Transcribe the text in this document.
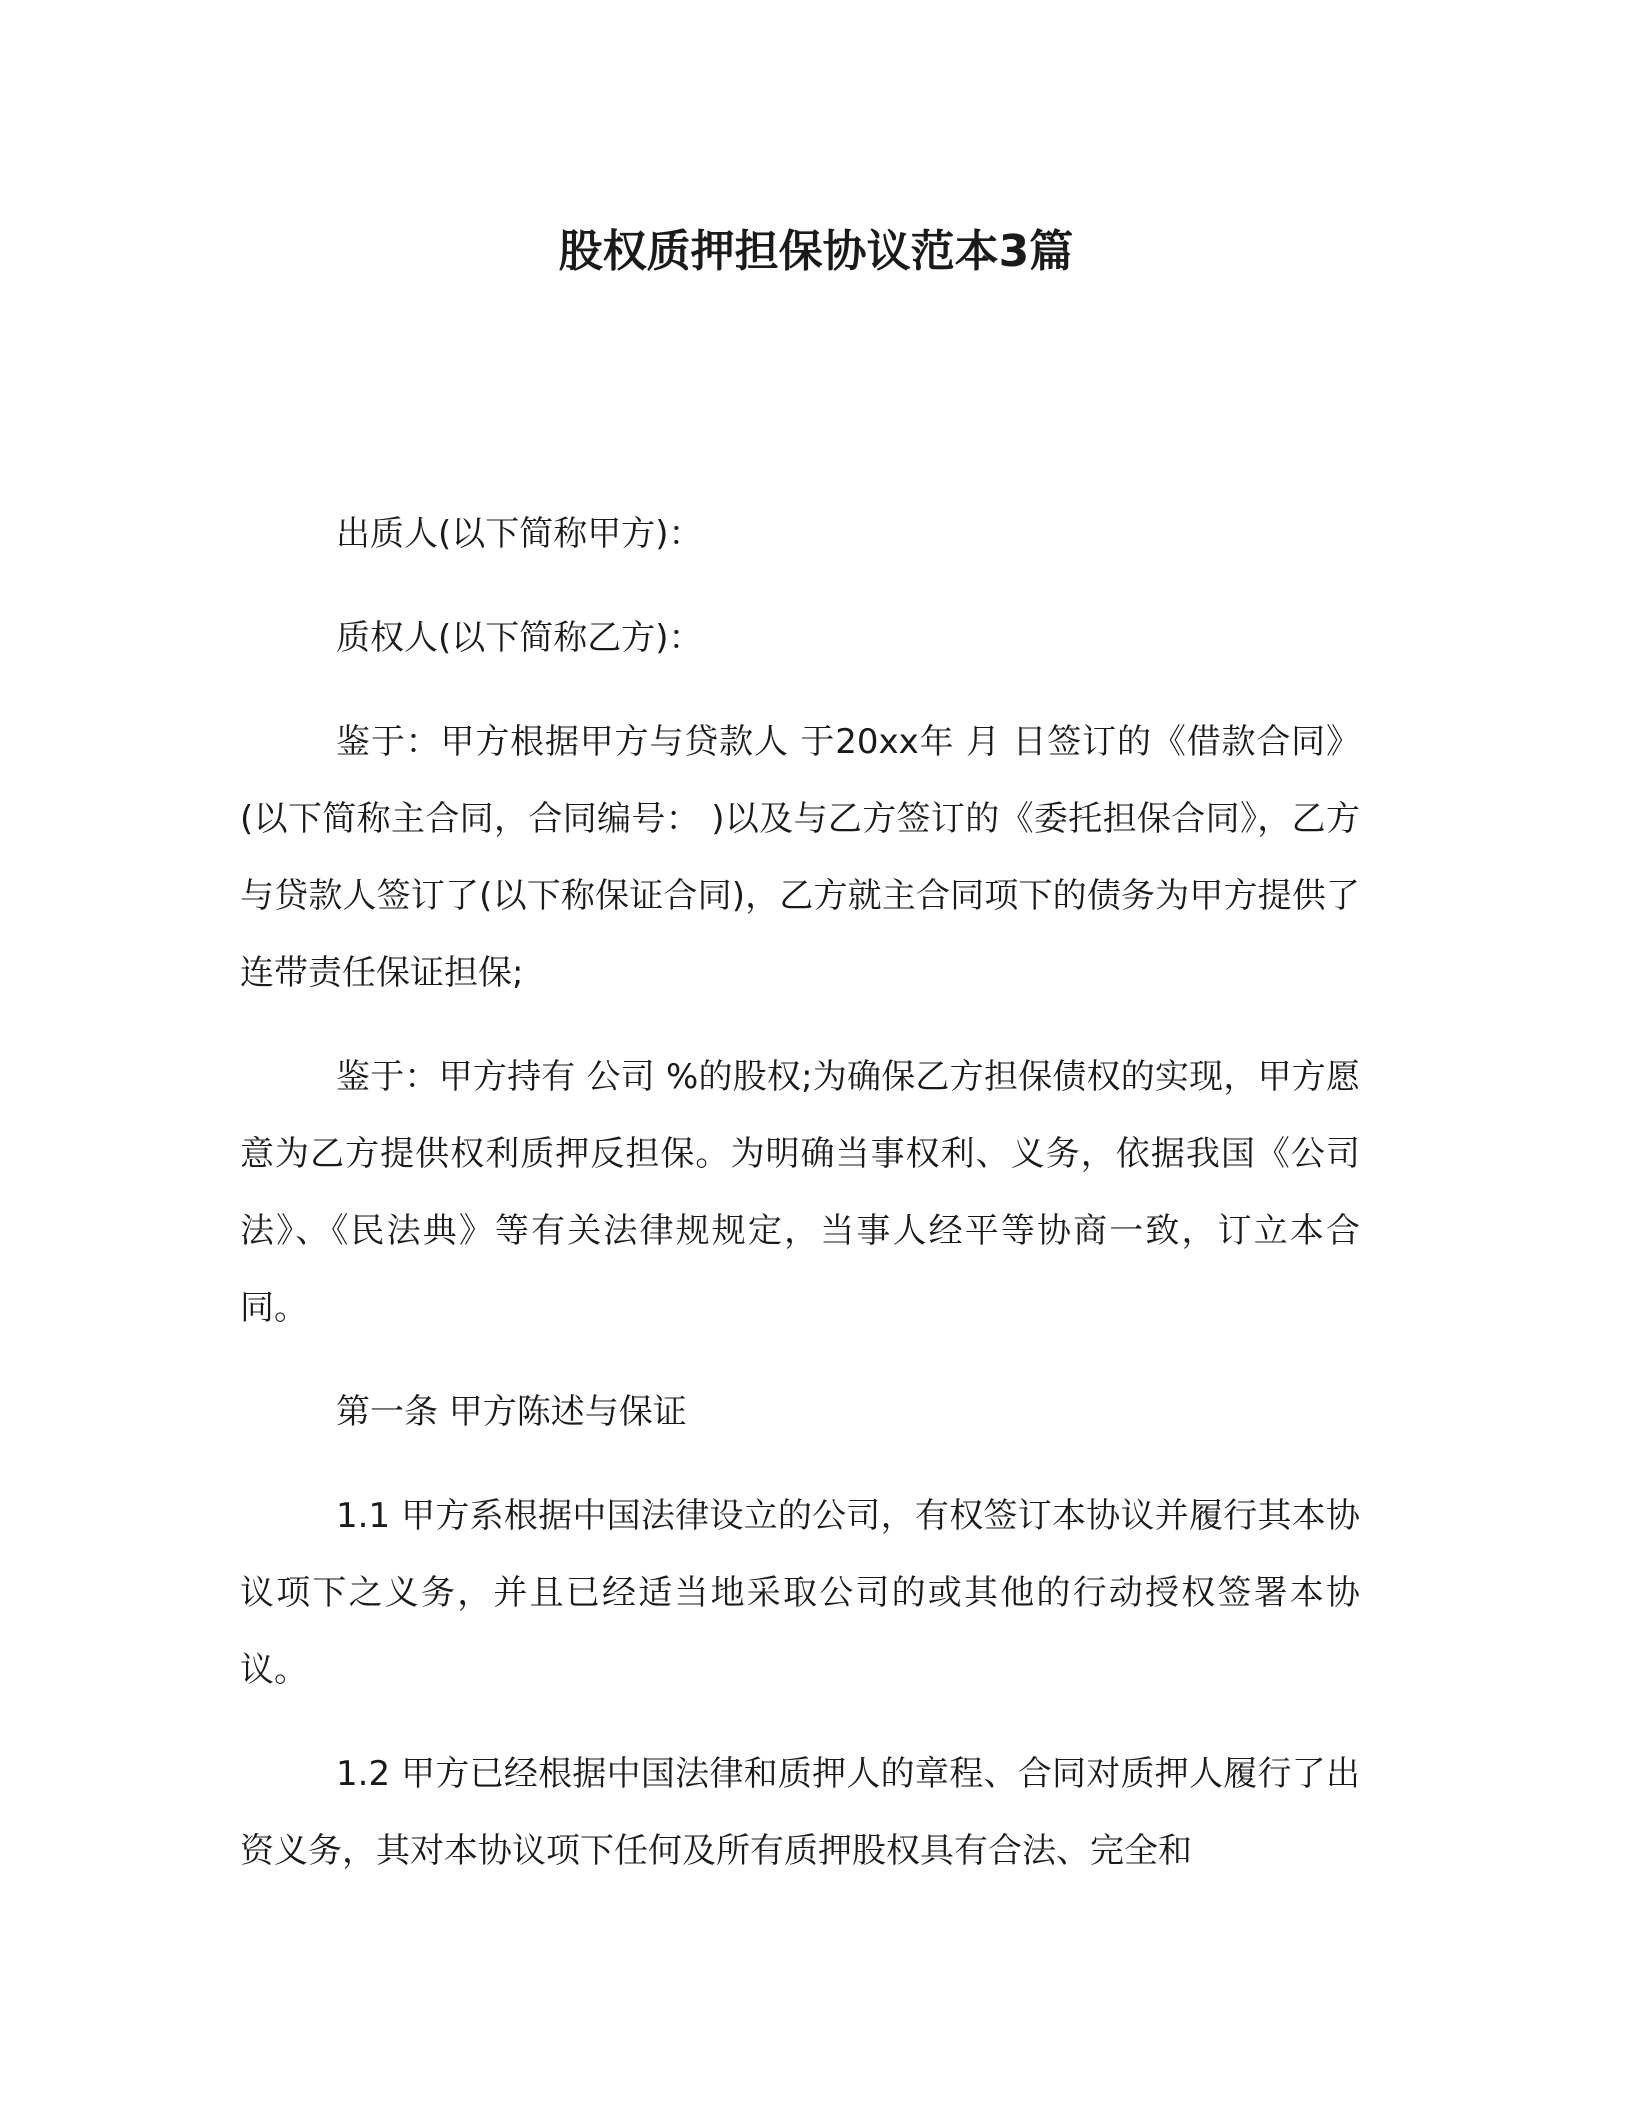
股权质押担保协议范本3篇

出质人(以下简称甲方)：

质权人(以下简称乙方)：

鉴于：甲方根据甲方与贷款人 于20xx年 月 日签订的《借款合同》(以下简称主合同，合同编号： )以及与乙方签订的《委托担保合同》，乙方与贷款人签订了(以下称保证合同)，乙方就主合同项下的债务为甲方提供了连带责任保证担保;

鉴于：甲方持有 公司 %的股权;为确保乙方担保债权的实现，甲方愿意为乙方提供权利质押反担保。为明确当事权利、义务，依据我国《公司法》、《民法典》等有关法律规规定，当事人经平等协商一致，订立本合同。

第一条 甲方陈述与保证

1.1 甲方系根据中国法律设立的公司，有权签订本协议并履行其本协议项下之义务，并且已经适当地采取公司的或其他的行动授权签署本协议。

1.2 甲方已经根据中国法律和质押人的章程、合同对质押人履行了出资义务，其对本协议项下任何及所有质押股权具有合法、完全和
